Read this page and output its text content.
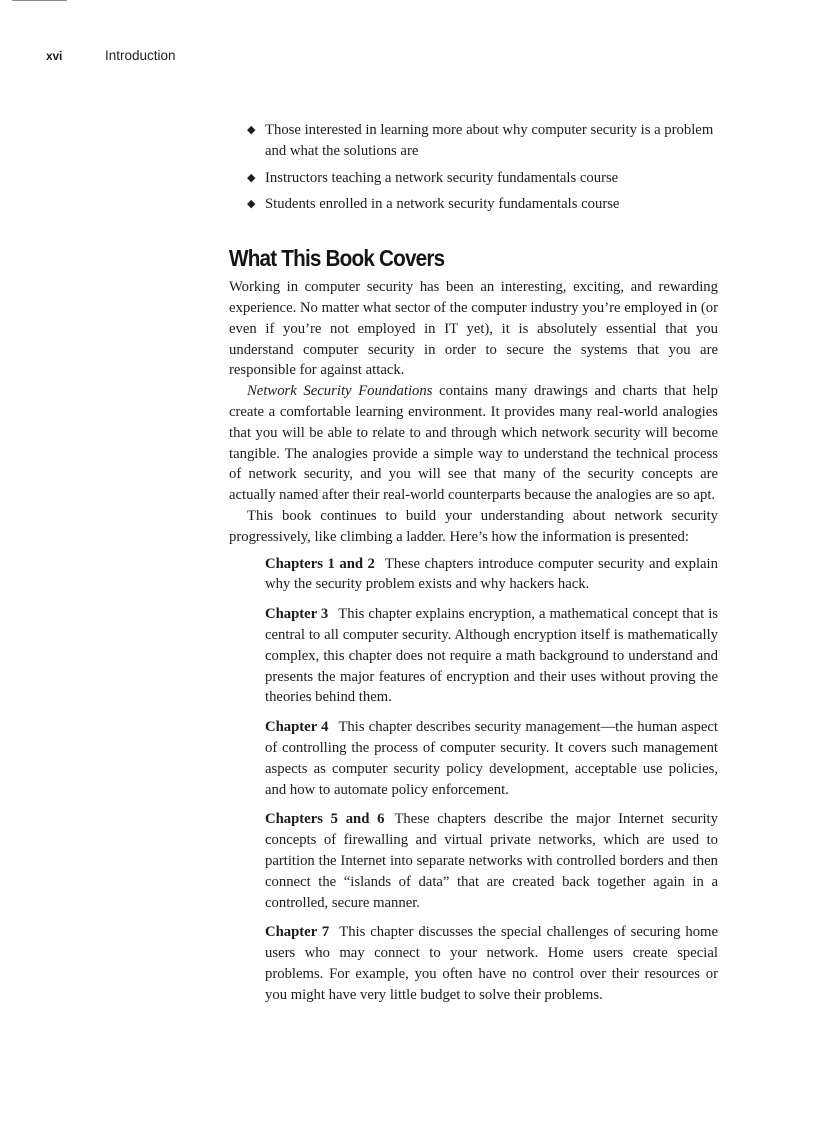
xvi	Introduction
◆ Those interested in learning more about why computer security is a problem and what the solutions are
◆ Instructors teaching a network security fundamentals course
◆ Students enrolled in a network security fundamentals course
What This Book Covers

Working in computer security has been an interesting, exciting, and rewarding experience. No matter what sector of the computer industry you’re employed in (or even if you’re not employed in IT yet), it is absolutely essential that you understand computer security in order to secure the systems that you are responsible for against attack.

Network Security Foundations contains many drawings and charts that help create a comfortable learning environment. It provides many real-world analogies that you will be able to relate to and through which network security will become tangible. The analogies provide a simple way to understand the technical process of network security, and you will see that many of the security concepts are actually named after their real-world counterparts because the analogies are so apt.

This book continues to build your understanding about network security progressively, like climbing a ladder. Here’s how the information is presented:

Chapters 1 and 2 These chapters introduce computer security and explain why the security problem exists and why hackers hack.
Chapter 3 This chapter explains encryption, a mathematical concept that is central to all computer security. Although encryption itself is mathematically complex, this chapter does not require a math background to understand and presents the major features of encryption and their uses without proving the theories behind them.
Chapter 4 This chapter describes security management—the human aspect of controlling the process of computer security. It covers such management aspects as computer security policy development, acceptable use policies, and how to automate policy enforcement.
Chapters 5 and 6 These chapters describe the major Internet security concepts of firewalling and virtual private networks, which are used to partition the Internet into separate networks with controlled borders and then connect the “islands of data” that are created back together again in a controlled, secure manner.
Chapter 7 This chapter discusses the special challenges of securing home users who may connect to your network. Home users create special problems. For example, you often have no control over their resources or you might have very little budget to solve their problems.
